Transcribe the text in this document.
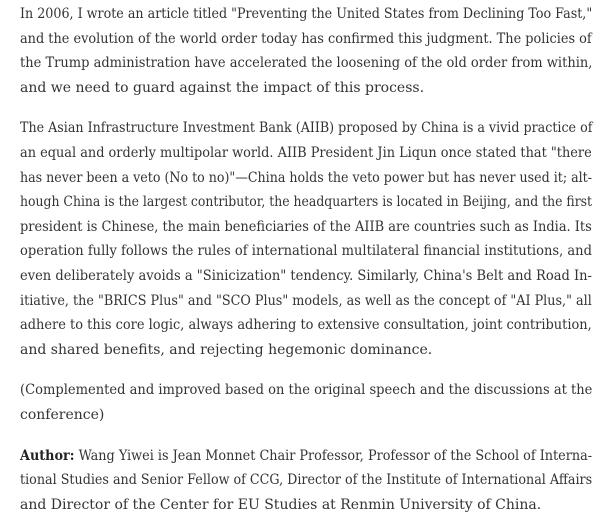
In 2006, I wrote an article titled "Preventing the United States from Declining Too Fast,"
and the evolution of the world order today has confirmed this judgment. The policies of
the Trump administration have accelerated the loosening of the old order from within,
and we need to guard against the impact of this process.

The Asian Infrastructure Investment Bank (AIIB) proposed by China is a vivid practice of
an equal and orderly multipolar world. AIIB President Jin Liqun once stated that "there
has never been a veto (No to no)"—China holds the veto power but has never used it; alt-
hough China is the largest contributor, the headquarters is located in Beijing, and the first
president is Chinese, the main beneficiaries of the AIIB are countries such as India. Its
operation fully follows the rules of international multilateral financial institutions, and
even deliberately avoids a "Sinicization" tendency. Similarly, China's Belt and Road In-
itiative, the "BRICS Plus" and "SCO Plus" models, as well as the concept of "AI Plus," all
adhere to this core logic, always adhering to extensive consultation, joint contribution,
and shared benefits, and rejecting hegemonic dominance.

(Complemented and improved based on the original speech and the discussions at the
conference)

Author: Wang Yiwei is Jean Monnet Chair Professor, Professor of the School of Interna-
tional Studies and Senior Fellow of CCG, Director of the Institute of International Affairs
and Director of the Center for EU Studies at Renmin University of China.
